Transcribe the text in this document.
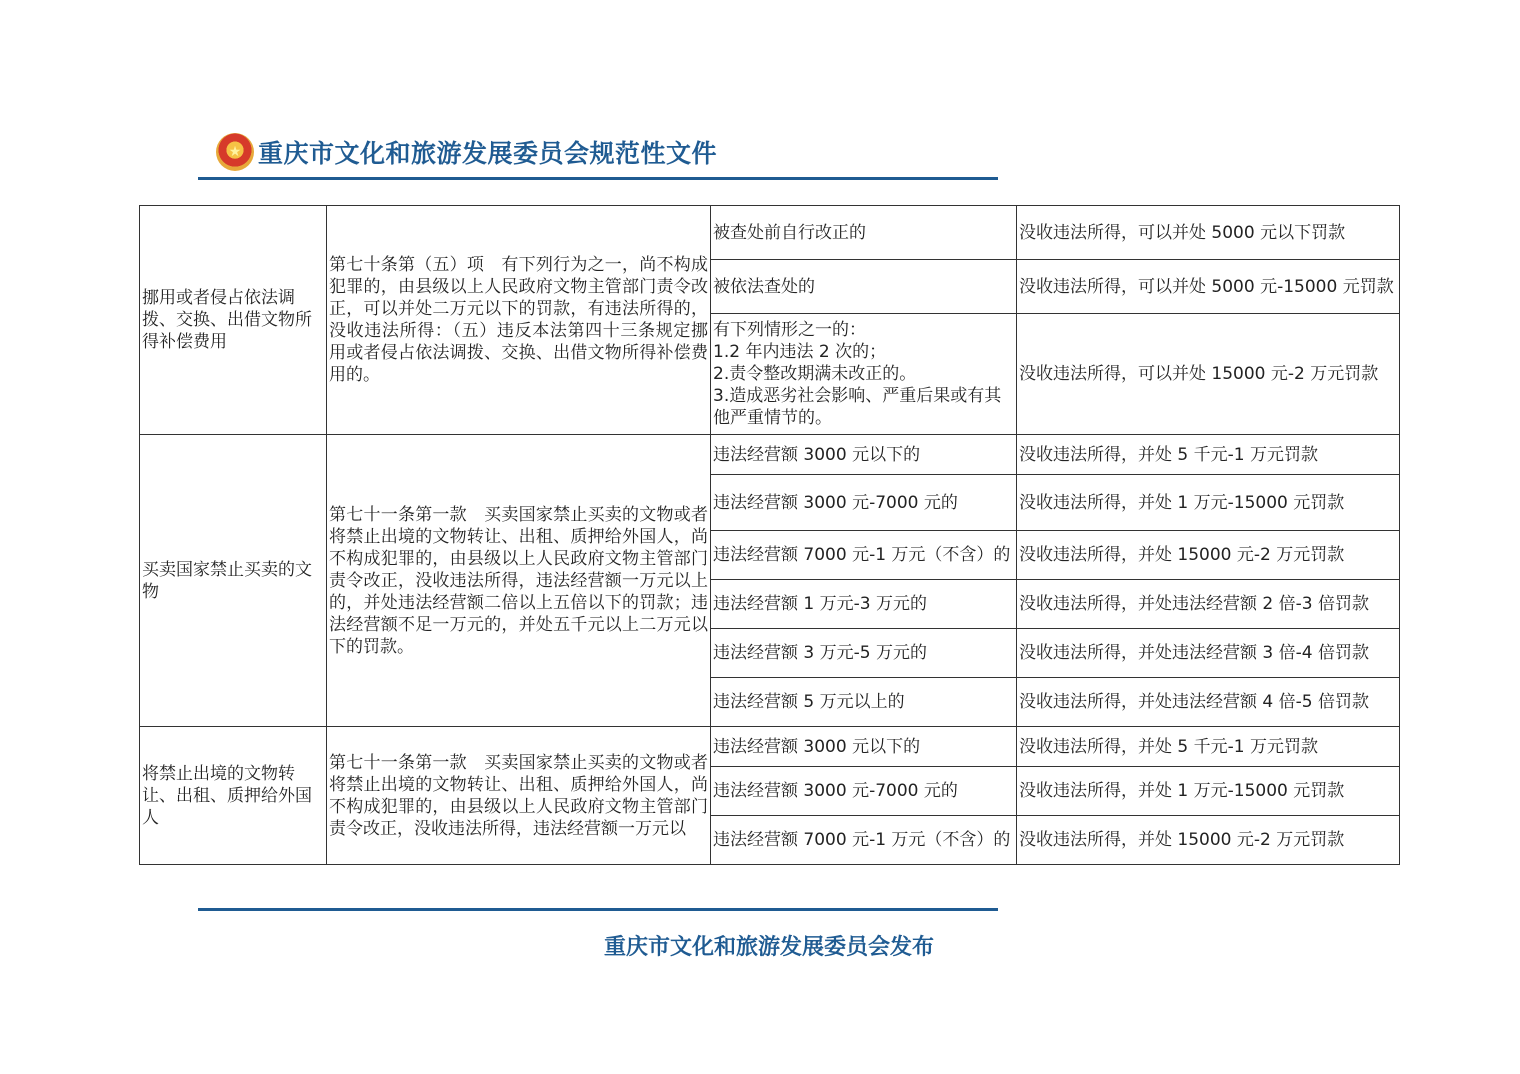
★ 重庆市文化和旅游发展委员会规范性文件
挪用或者侵占依法调拨、交换、出借文物所得补偿费用	第七十条第（五）项　有下列行为之一，尚不构成犯罪的，由县级以上人民政府文物主管部门责令改正，可以并处二万元以下的罚款，有违法所得的，没收违法所得：（五）违反本法第四十三条规定挪用或者侵占依法调拨、交换、出借文物所得补偿费用的。	被查处前自行改正的	没收违法所得，可以并处 5000 元以下罚款
		被依法查处的	没收违法所得，可以并处 5000 元-15000 元罚款
		有下列情形之一的：
1.2 年内违法 2 次的；
2.责令整改期满未改正的。
3.造成恶劣社会影响、严重后果或有其他严重情节的。	没收违法所得，可以并处 15000 元-2 万元罚款
买卖国家禁止买卖的文物	第七十一条第一款　买卖国家禁止买卖的文物或者将禁止出境的文物转让、出租、质押给外国人，尚不构成犯罪的，由县级以上人民政府文物主管部门责令改正，没收违法所得，违法经营额一万元以上的，并处违法经营额二倍以上五倍以下的罚款；违法经营额不足一万元的，并处五千元以上二万元以下的罚款。	违法经营额 3000 元以下的	没收违法所得，并处 5 千元-1 万元罚款
		违法经营额 3000 元-7000 元的	没收违法所得，并处 1 万元-15000 元罚款
		违法经营额 7000 元-1 万元（不含）的	没收违法所得，并处 15000 元-2 万元罚款
		违法经营额 1 万元-3 万元的	没收违法所得，并处违法经营额 2 倍-3 倍罚款
		违法经营额 3 万元-5 万元的	没收违法所得，并处违法经营额 3 倍-4 倍罚款
		违法经营额 5 万元以上的	没收违法所得，并处违法经营额 4 倍-5 倍罚款
将禁止出境的文物转让、出租、质押给外国人	第七十一条第一款　买卖国家禁止买卖的文物或者将禁止出境的文物转让、出租、质押给外国人，尚不构成犯罪的，由县级以上人民政府文物主管部门责令改正，没收违法所得，违法经营额一万元以	违法经营额 3000 元以下的	没收违法所得，并处 5 千元-1 万元罚款
		违法经营额 3000 元-7000 元的	没收违法所得，并处 1 万元-15000 元罚款
		违法经营额 7000 元-1 万元（不含）的	没收违法所得，并处 15000 元-2 万元罚款
重庆市文化和旅游发展委员会发布
